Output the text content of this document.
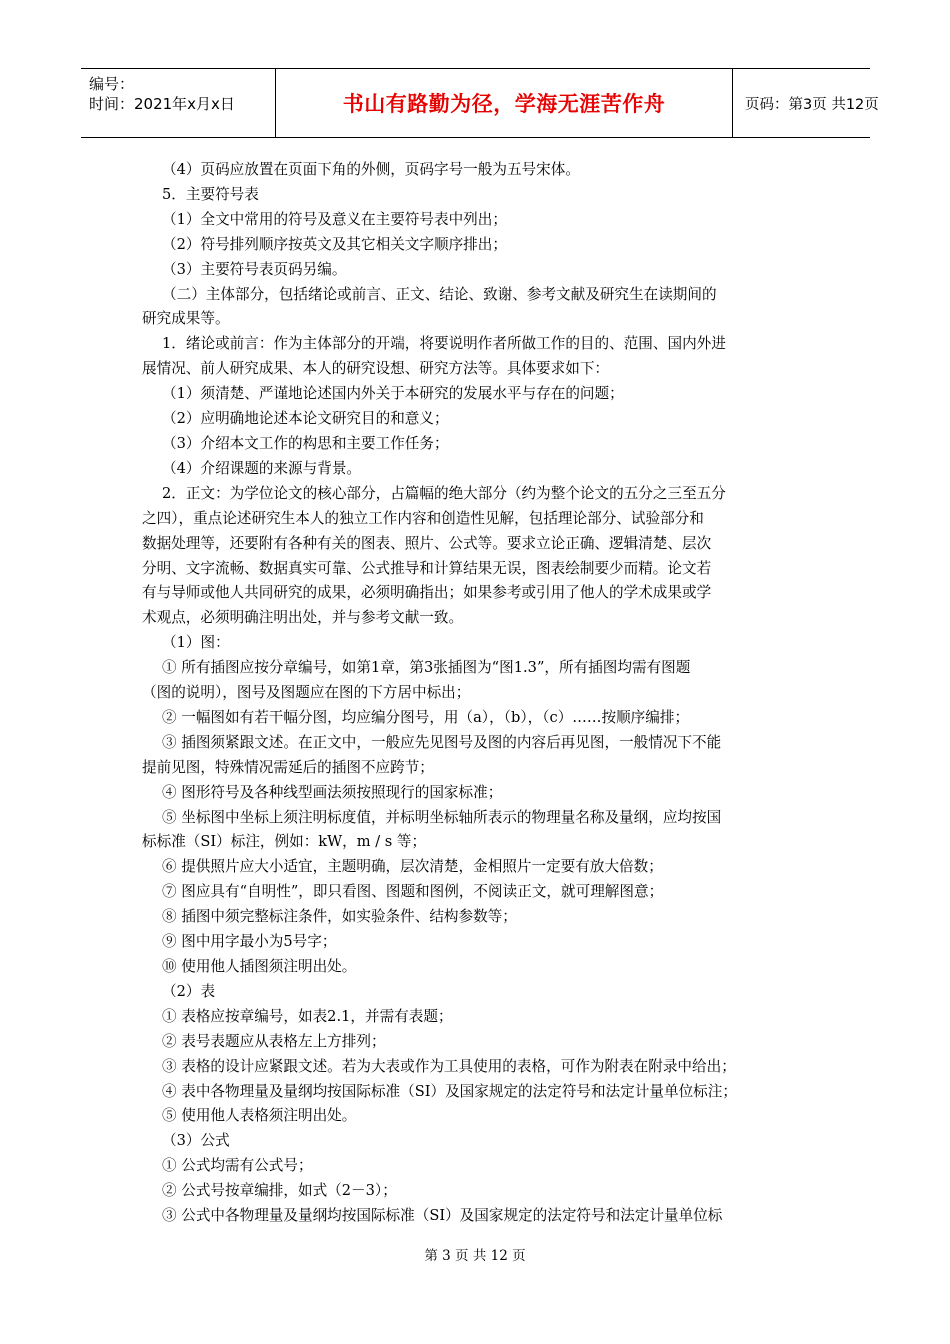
编号：
时间：2021年x月x日	书山有路勤为径，学海无涯苦作舟	页码：第3页 共12页
（4）页码应放置在页面下角的外侧，页码字号一般为五号宋体。
5．主要符号表
（1）全文中常用的符号及意义在主要符号表中列出；
（2）符号排列顺序按英文及其它相关文字顺序排出；
（3）主要符号表页码另编。
（二）主体部分，包括绪论或前言、正文、结论、致谢、参考文献及研究生在读期间的
研究成果等。
1．绪论或前言：作为主体部分的开端，将要说明作者所做工作的目的、范围、国内外进
展情况、前人研究成果、本人的研究设想、研究方法等。具体要求如下：
（1）须清楚、严谨地论述国内外关于本研究的发展水平与存在的问题；
（2）应明确地论述本论文研究目的和意义；
（3）介绍本文工作的构思和主要工作任务；
（4）介绍课题的来源与背景。
2．正文：为学位论文的核心部分，占篇幅的绝大部分（约为整个论文的五分之三至五分
之四），重点论述研究生本人的独立工作内容和创造性见解，包括理论部分、试验部分和
数据处理等，还要附有各种有关的图表、照片、公式等。要求立论正确、逻辑清楚、层次
分明、文字流畅、数据真实可靠、公式推导和计算结果无误，图表绘制要少而精。论文若
有与导师或他人共同研究的成果，必须明确指出；如果参考或引用了他人的学术成果或学
术观点，必须明确注明出处，并与参考文献一致。
（1）图：
① 所有插图应按分章编号，如第1章，第3张插图为“图1.3”，所有插图均需有图题
（图的说明），图号及图题应在图的下方居中标出；
② 一幅图如有若干幅分图，均应编分图号，用（a），（b），（c）……按顺序编排；
③ 插图须紧跟文述。在正文中，一般应先见图号及图的内容后再见图，一般情况下不能
提前见图，特殊情况需延后的插图不应跨节；
④ 图形符号及各种线型画法须按照现行的国家标准；
⑤ 坐标图中坐标上须注明标度值，并标明坐标轴所表示的物理量名称及量纲，应均按国
标标准（SI）标注，例如：kW，m / s 等；
⑥ 提供照片应大小适宜，主题明确，层次清楚，金相照片一定要有放大倍数；
⑦ 图应具有“自明性”，即只看图、图题和图例，不阅读正文，就可理解图意；
⑧ 插图中须完整标注条件，如实验条件、结构参数等；
⑨ 图中用字最小为5号字；
⑩ 使用他人插图须注明出处。
（2）表
① 表格应按章编号，如表2.1，并需有表题；
② 表号表题应从表格左上方排列；
③ 表格的设计应紧跟文述。若为大表或作为工具使用的表格，可作为附表在附录中给出；
④ 表中各物理量及量纲均按国际标准（SI）及国家规定的法定符号和法定计量单位标注；
⑤ 使用他人表格须注明出处。
（3）公式
① 公式均需有公式号；
② 公式号按章编排，如式（2－3）；
③ 公式中各物理量及量纲均按国际标准（SI）及国家规定的法定符号和法定计量单位标
第 3 页 共 12 页
